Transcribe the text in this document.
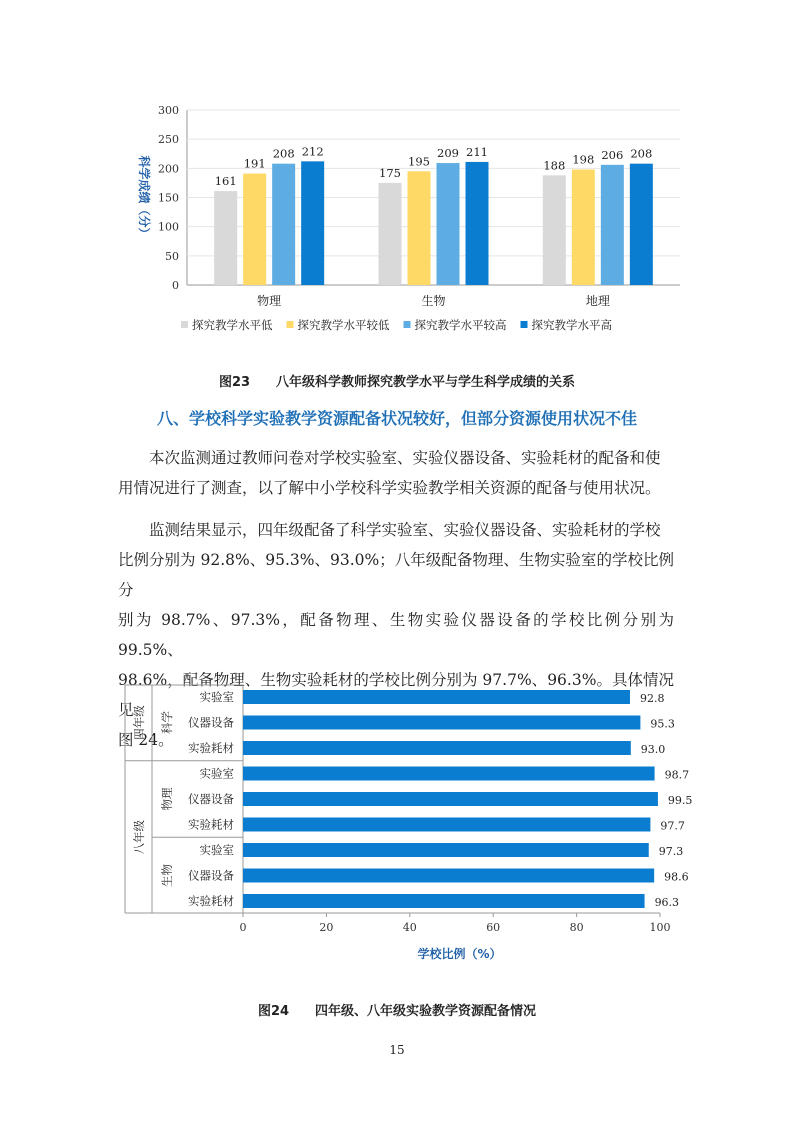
0
50
100
150
200
250
300
科学成绩（分）	161
191
208 212
物理
175
195
209 211
生物
188 198 206 208
地理
探究教学水平低 探究教学水平较低 探究教学水平较高 探究教学水平高
图23　　八年级科学教师探究教学水平与学生科学成绩的关系
八、学校科学实验教学资源配备状况较好，但部分资源使用状况不佳
本次监测通过教师问卷对学校实验室、实验仪器设备、实验耗材的配备和使
用情况进行了测查，以了解中小学校科学实验教学相关资源的配备与使用状况。
监测结果显示，四年级配备了科学实验室、实验仪器设备、实验耗材的学校
比例分别为 92.8%、95.3%、93.0%；八年级配备物理、生物实验室的学校比例分
别为 98.7%、97.3%，配备物理、生物实验仪器设备的学校比例分别为 99.5%、
98.6%，配备物理、生物实验耗材的学校比例分别为 97.7%、96.3%。具体情况见
图 24。
0	20	40	60	80	100
学校比例（%）
92.8
实验室
95.3
仪器设备
93.0
实验耗材
98.7
实验室
99.5
仪器设备
97.7
实验耗材
97.3
实验室
98.6
仪器设备
96.3
实验耗材
四年级 科学
八年级
物理
生物
图24　　四年级、八年级实验教学资源配备情况
15
